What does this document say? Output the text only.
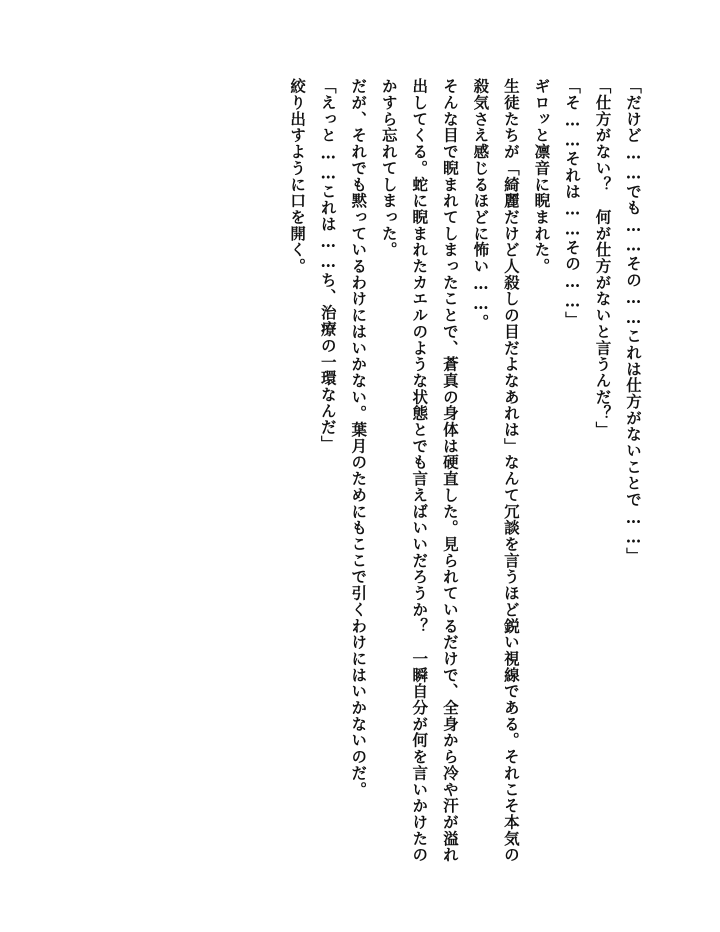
「だけど……でも……その……これは仕方がないことで……」

「仕方がない？　何が仕方がないと言うんだ？」

「そ……それは……その……」

ギロッと凛音に睨まれた。

生徒たちが「綺麗だけど人殺しの目だよなあれは」なんて冗談を言うほど鋭い視線である。それこそ本気の殺気さえ感じるほどに怖い……。

そんな目で睨まれてしまったことで、蒼真の身体は硬直した。見られているだけで、全身から冷や汗が溢れ出してくる。蛇に睨まれたカエルのような状態とでも言えばいいだろうか？　一瞬自分が何を言いかけたのかすら忘れてしまった。

だが、それでも黙っているわけにはいかない。葉月のためにもここで引くわけにはいかないのだ。

「えっと……これは……ち、治療の一環なんだ」

絞り出すように口を開く。
